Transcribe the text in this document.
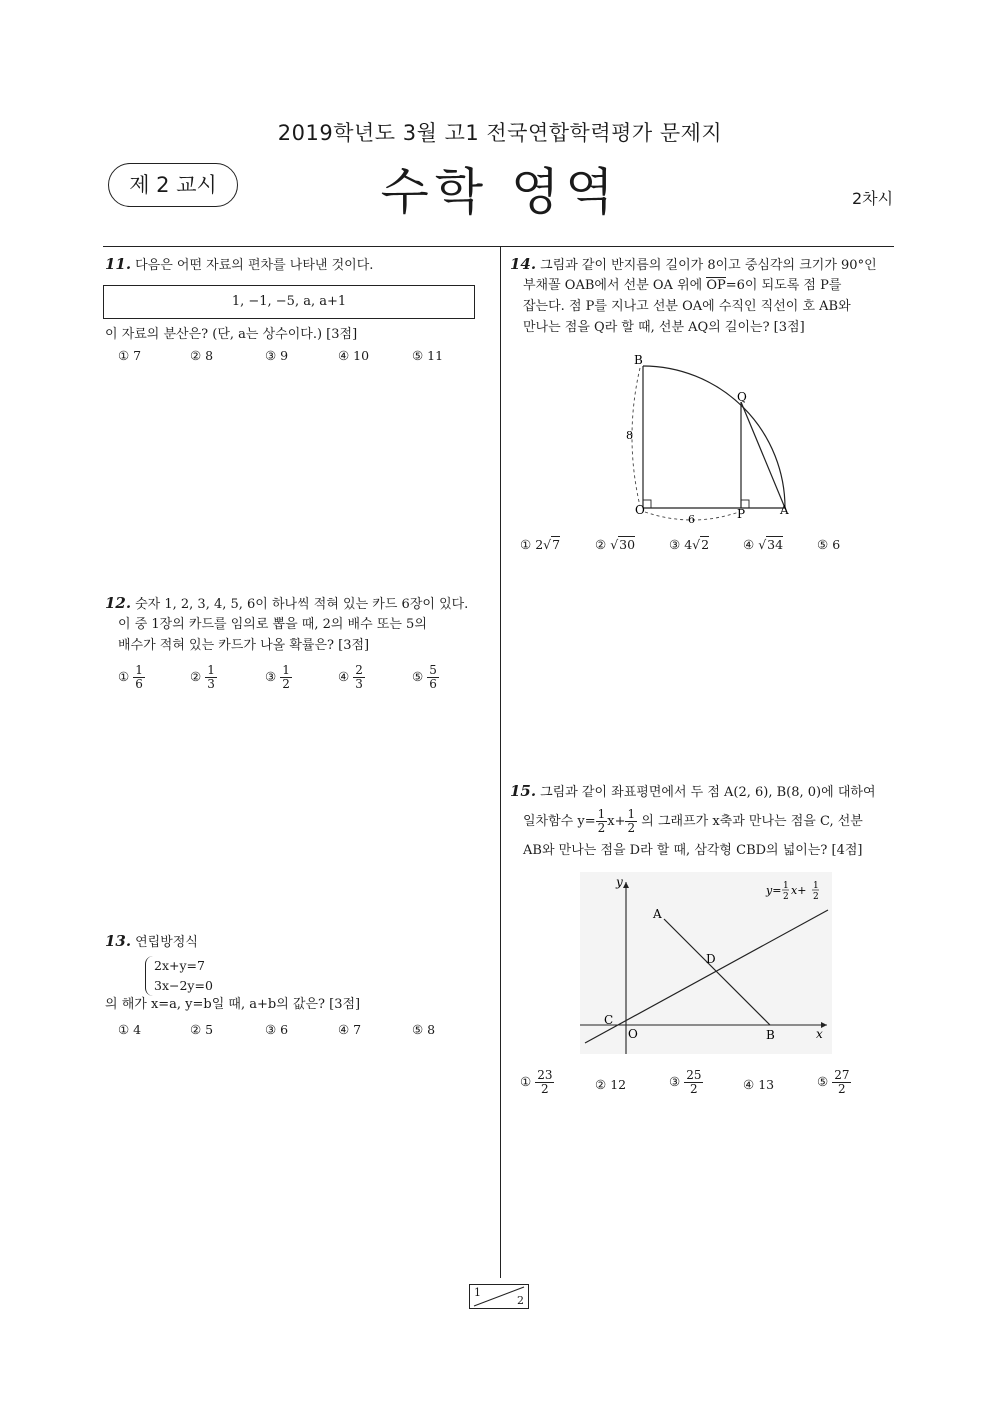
2019학년도 3월 고1 전국연합학력평가 문제지
제 2 교시	수학 영역	2차시
11. 다음은 어떤 자료의 편차를 나타낸 것이다.
1, −1, −5, a, a+1
이 자료의 분산은? (단, a는 상수이다.) [3점]
① 7	② 8	③ 9	④ 10	⑤ 11
12. 숫자 1, 2, 3, 4, 5, 6이 하나씩 적혀 있는 카드 6장이 있다.
이 중 1장의 카드를 임의로 뽑을 때, 2의 배수 또는 5의
배수가 적혀 있는 카드가 나올 확률은? [3점]
① $\frac{1}{6}$	② $\frac{1}{3}$	③ $\frac{1}{2}$	④ $\frac{2}{3}$	⑤ $\frac{5}{6}$
13. 연립방정식
2x+y=7
3x−2y=0
의 해가 x=a, y=b일 때, a+b의 값은? [3점]
① 4	② 5	③ 6	④ 7	⑤ 8
14. 그림과 같이 반지름의 길이가 8이고 중심각의 크기가 90°인
부채꼴 OAB에서 선분 OA 위에 OP=6이 되도록 점 P를
잡는다. 점 P를 지나고 선분 OA에 수직인 직선이 호 AB와
만나는 점을 Q라 할 때, 선분 AQ의 길이는? [3점]
B
Q
O	P	A
8
6
① 2√7	② √30	③ 4√2	④ √34	⑤ 6
15. 그림과 같이 좌표평면에서 두 점 A(2, 6), B(8, 0)에 대하여
일차함수 $y= \frac{1}{2} x+ \frac{1}{2}$ 의 그래프가 x축과 만나는 점을 C, 선분
AB와 만나는 점을 D라 할 때, 삼각형 CBD의 넓이는? [4점]
y
x
A
B
C
D
O
y= 1
2 x+ 1
2
① $\frac{23}{2}$	② 12	③ $\frac{25}{2}$	④ 13	⑤ $\frac{27}{2}$
1
2
